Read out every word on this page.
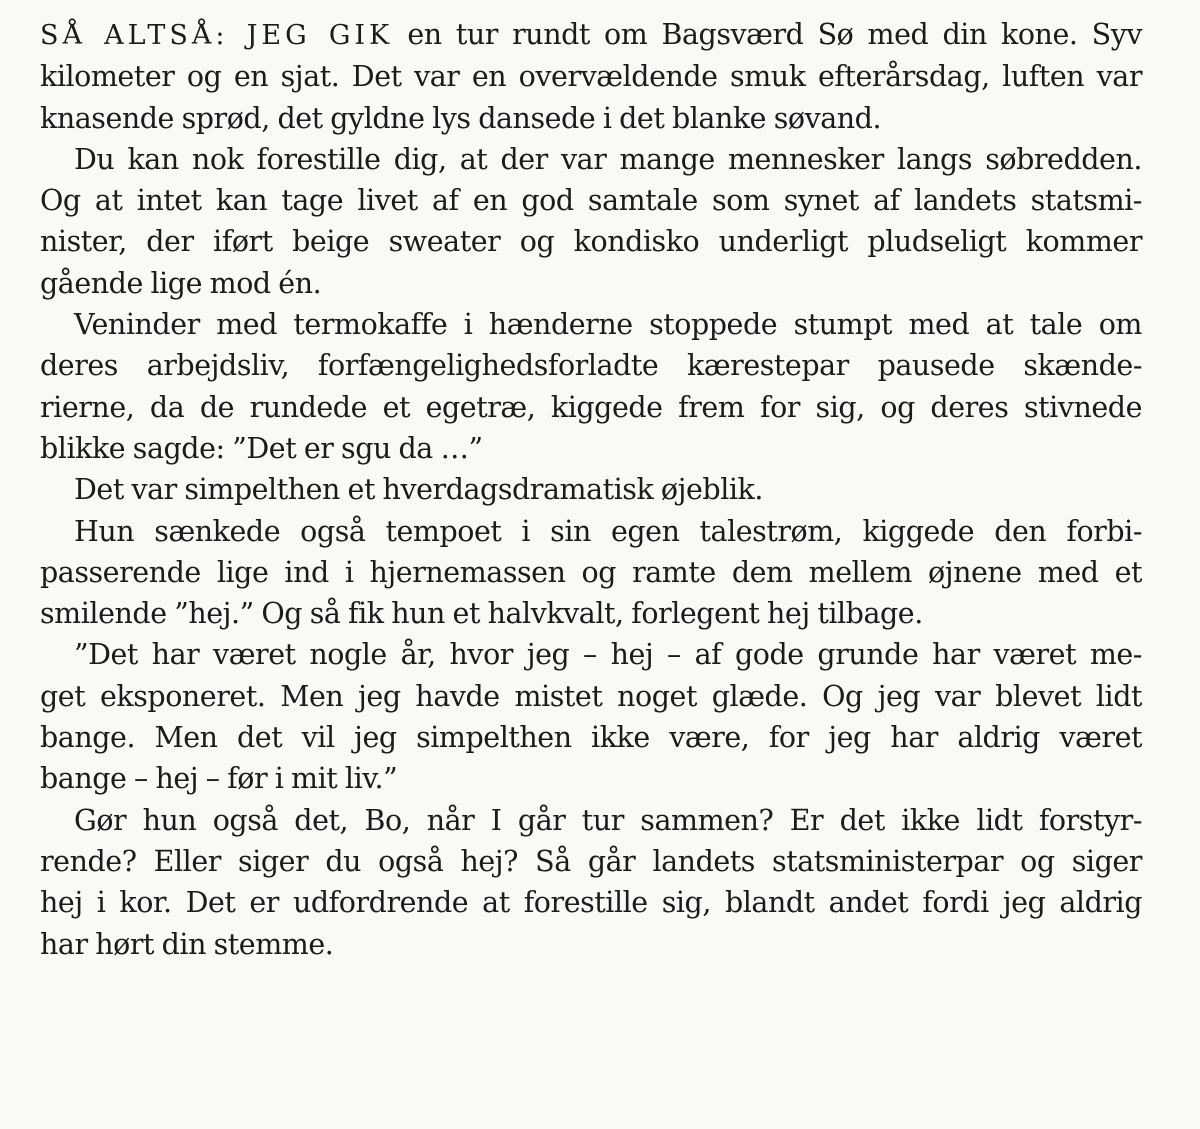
SÅ ALTSÅ: JEG GIK en tur rundt om Bagsværd Sø med din kone. Syv
kilometer og en sjat. Det var en overvældende smuk efterårsdag, luften var
knasende sprød, det gyldne lys dansede i det blanke søvand.
Du kan nok forestille dig, at der var mange mennesker langs søbredden.
Og at intet kan tage livet af en god samtale som synet af landets statsmi-
nister, der iført beige sweater og kondisko underligt pludseligt kommer
gående lige mod én.
Veninder med termokaffe i hænderne stoppede stumpt med at tale om
deres arbejdsliv, forfængelighedsforladte kærestepar pausede skænde-
rierne, da de rundede et egetræ, kiggede frem for sig, og deres stivnede
blikke sagde: ”Det er sgu da …”
Det var simpelthen et hverdagsdramatisk øjeblik.
Hun sænkede også tempoet i sin egen talestrøm, kiggede den forbi-
passerende lige ind i hjernemassen og ramte dem mellem øjnene med et
smilende ”hej.” Og så fik hun et halvkvalt, forlegent hej tilbage.
”Det har været nogle år, hvor jeg – hej – af gode grunde har været me-
get eksponeret. Men jeg havde mistet noget glæde. Og jeg var blevet lidt
bange. Men det vil jeg simpelthen ikke være, for jeg har aldrig været
bange – hej – før i mit liv.”
Gør hun også det, Bo, når I går tur sammen? Er det ikke lidt forstyr-
rende? Eller siger du også hej? Så går landets statsministerpar og siger
hej i kor. Det er udfordrende at forestille sig, blandt andet fordi jeg aldrig
har hørt din stemme.
